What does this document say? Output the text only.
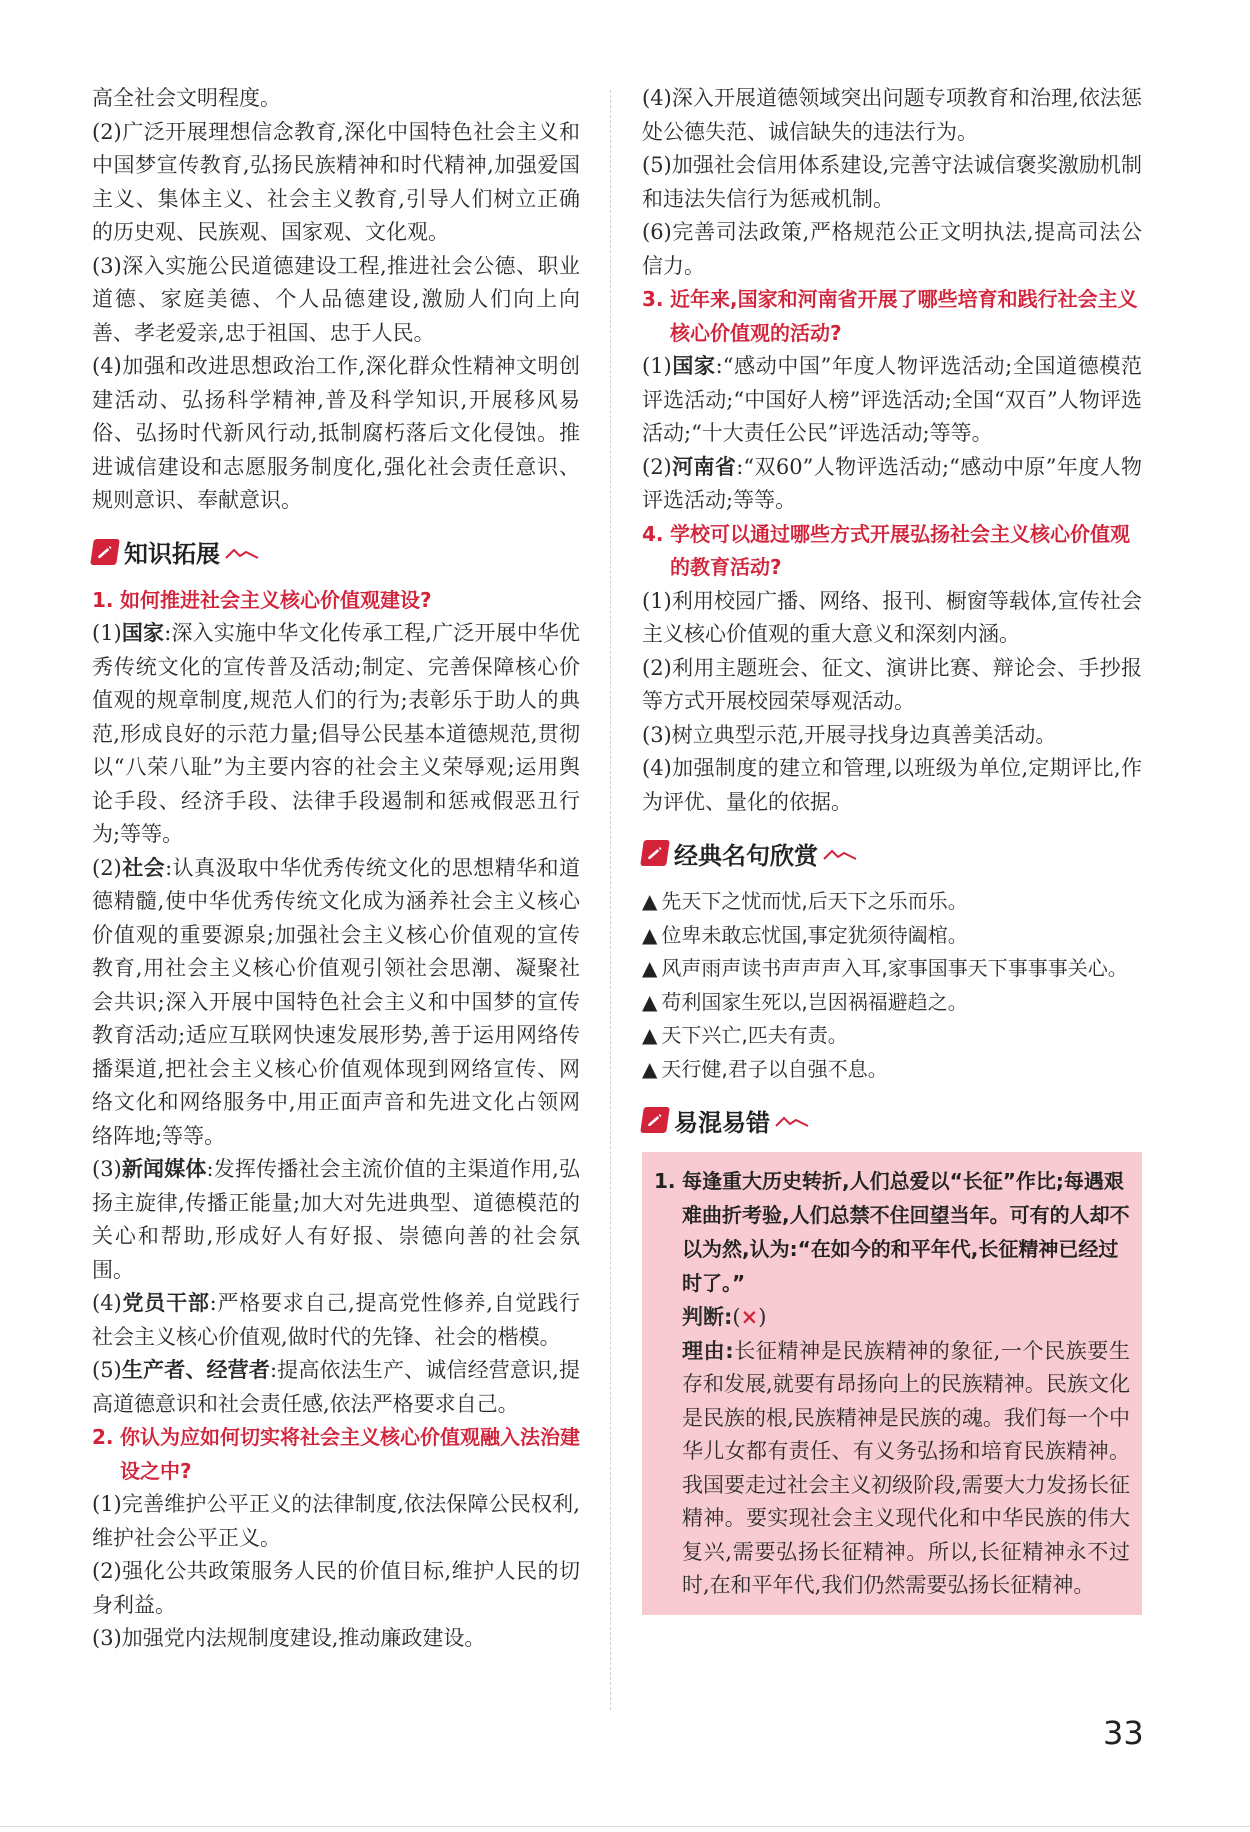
高全社会文明程度。

(2)广泛开展理想信念教育,深化中国特色社会主义和中国梦宣传教育,弘扬民族精神和时代精神,加强爱国主义、集体主义、社会主义教育,引导人们树立正确的历史观、民族观、国家观、文化观。

(3)深入实施公民道德建设工程,推进社会公德、职业道德、家庭美德、个人品德建设,激励人们向上向善、孝老爱亲,忠于祖国、忠于人民。

(4)加强和改进思想政治工作,深化群众性精神文明创建活动、弘扬科学精神,普及科学知识,开展移风易俗、弘扬时代新风行动,抵制腐朽落后文化侵蚀。推进诚信建设和志愿服务制度化,强化社会责任意识、规则意识、奉献意识。

知识拓展
1. 如何推进社会主义核心价值观建设?

(1)国家:深入实施中华文化传承工程,广泛开展中华优秀传统文化的宣传普及活动;制定、完善保障核心价值观的规章制度,规范人们的行为;表彰乐于助人的典范,形成良好的示范力量;倡导公民基本道德规范,贯彻以“八荣八耻”为主要内容的社会主义荣辱观;运用舆论手段、经济手段、法律手段遏制和惩戒假恶丑行为;等等。

(2)社会:认真汲取中华优秀传统文化的思想精华和道德精髓,使中华优秀传统文化成为涵养社会主义核心价值观的重要源泉;加强社会主义核心价值观的宣传教育,用社会主义核心价值观引领社会思潮、凝聚社会共识;深入开展中国特色社会主义和中国梦的宣传教育活动;适应互联网快速发展形势,善于运用网络传播渠道,把社会主义核心价值观体现到网络宣传、网络文化和网络服务中,用正面声音和先进文化占领网络阵地;等等。

(3)新闻媒体:发挥传播社会主流价值的主渠道作用,弘扬主旋律,传播正能量;加大对先进典型、道德模范的关心和帮助,形成好人有好报、崇德向善的社会氛围。

(4)党员干部:严格要求自己,提高党性修养,自觉践行社会主义核心价值观,做时代的先锋、社会的楷模。

(5)生产者、经营者:提高依法生产、诚信经营意识,提高道德意识和社会责任感,依法严格要求自己。

2. 你认为应如何切实将社会主义核心价值观融入法治建设之中?

(1)完善维护公平正义的法律制度,依法保障公民权利,维护社会公平正义。

(2)强化公共政策服务人民的价值目标,维护人民的切身利益。

(3)加强党内法规制度建设,推动廉政建设。

(4)深入开展道德领域突出问题专项教育和治理,依法惩处公德失范、诚信缺失的违法行为。

(5)加强社会信用体系建设,完善守法诚信褒奖激励机制和违法失信行为惩戒机制。

(6)完善司法政策,严格规范公正文明执法,提高司法公信力。

3. 近年来,国家和河南省开展了哪些培育和践行社会主义核心价值观的活动?

(1)国家:“感动中国”年度人物评选活动;全国道德模范评选活动;“中国好人榜”评选活动;全国“双百”人物评选活动;“十大责任公民”评选活动;等等。

(2)河南省:“双60”人物评选活动;“感动中原”年度人物评选活动;等等。

4. 学校可以通过哪些方式开展弘扬社会主义核心价值观的教育活动?

(1)利用校园广播、网络、报刊、橱窗等载体,宣传社会主义核心价值观的重大意义和深刻内涵。

(2)利用主题班会、征文、演讲比赛、辩论会、手抄报等方式开展校园荣辱观活动。

(3)树立典型示范,开展寻找身边真善美活动。

(4)加强制度的建立和管理,以班级为单位,定期评比,作为评优、量化的依据。

经典名句欣赏

▲ 先天下之忧而忧,后天下之乐而乐。

▲ 位卑未敢忘忧国,事定犹须待阖棺。

▲ 风声雨声读书声声声入耳,家事国事天下事事事关心。

▲ 苟利国家生死以,岂因祸福避趋之。

▲ 天下兴亡,匹夫有责。

▲ 天行健,君子以自强不息。

易混易错
1. 每逢重大历史转折,人们总爱以“长征”作比;每遇艰难曲折考验,人们总禁不住回望当年。可有的人却不以为然,认为:“在如今的和平年代,长征精神已经过时了。”

判断:(×)

理由:长征精神是民族精神的象征,一个民族要生存和发展,就要有昂扬向上的民族精神。民族文化是民族的根,民族精神是民族的魂。我们每一个中华儿女都有责任、有义务弘扬和培育民族精神。我国要走过社会主义初级阶段,需要大力发扬长征精神。要实现社会主义现代化和中华民族的伟大复兴,需要弘扬长征精神。所以,长征精神永不过时,在和平年代,我们仍然需要弘扬长征精神。

33
